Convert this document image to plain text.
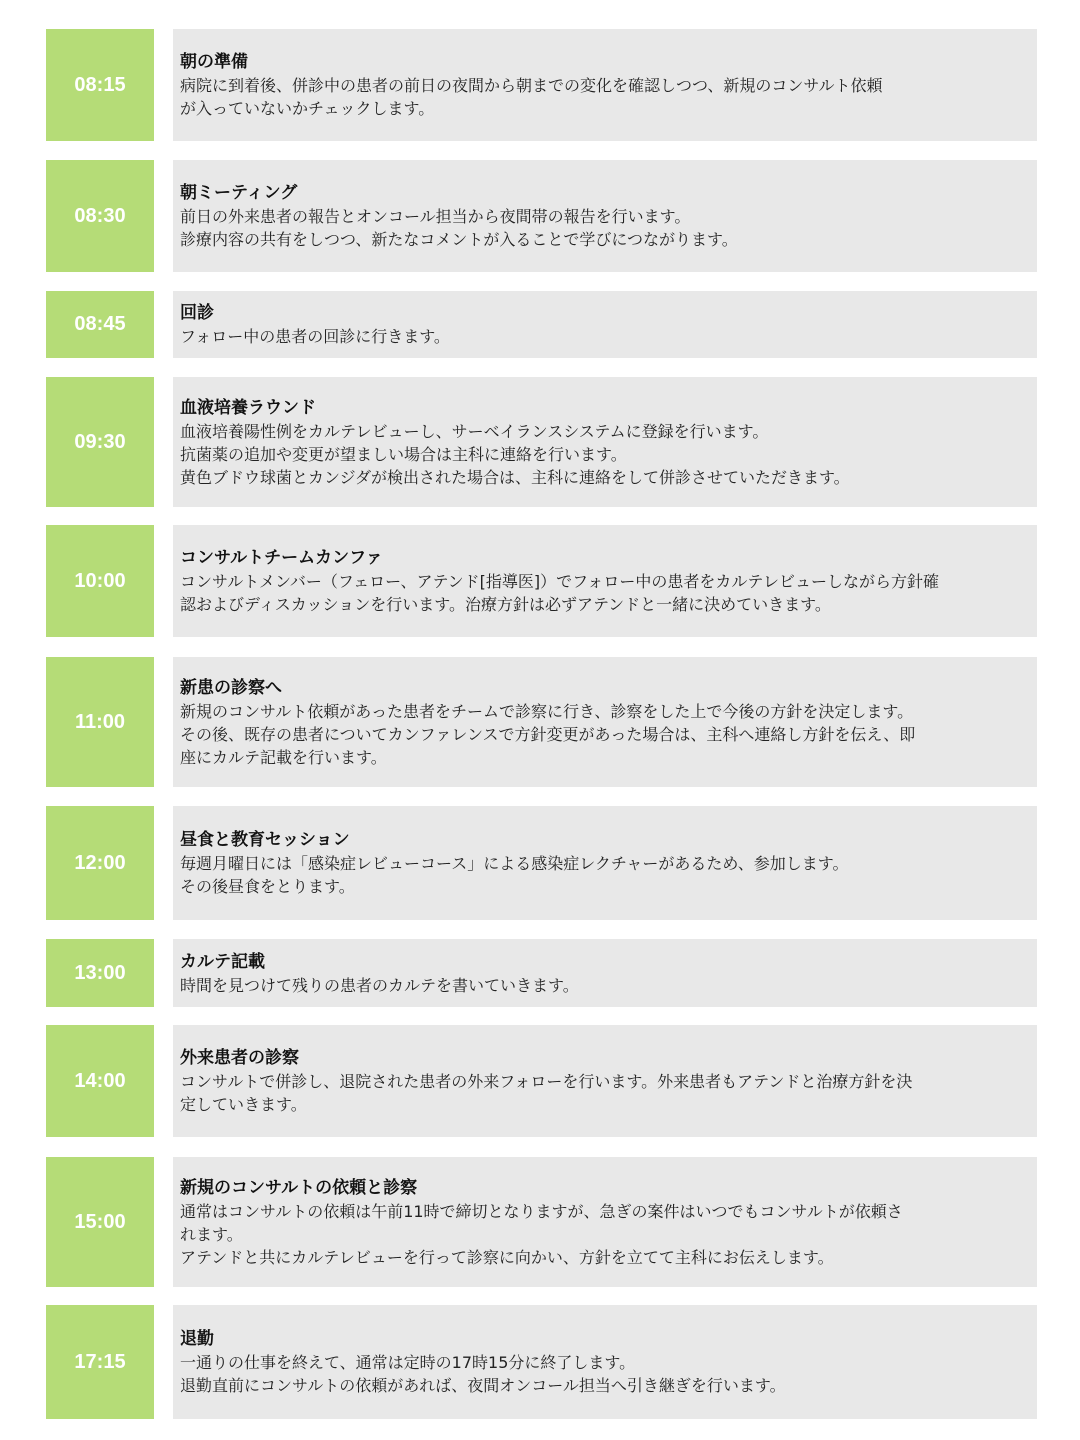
08:15
朝の準備
病院に到着後、併診中の患者の前日の夜間から朝までの変化を確認しつつ、新規のコンサルト依頼
が入っていないかチェックします。
08:30
朝ミーティング
前日の外来患者の報告とオンコール担当から夜間帯の報告を行います。
診療内容の共有をしつつ、新たなコメントが入ることで学びにつながります。
08:45	回診
フォロー中の患者の回診に行きます。
09:30
血液培養ラウンド
血液培養陽性例をカルテレビューし、サーベイランスシステムに登録を行います。
抗菌薬の追加や変更が望ましい場合は主科に連絡を行います。
黄色ブドウ球菌とカンジダが検出された場合は、主科に連絡をして併診させていただきます。
10:00
コンサルトチームカンファ
コンサルトメンバー（フェロー、アテンド[指導医]）でフォロー中の患者をカルテレビューしながら方針確
認およびディスカッションを行います。治療方針は必ずアテンドと一緒に決めていきます。
11:00
新患の診察へ
新規のコンサルト依頼があった患者をチームで診察に行き、診察をした上で今後の方針を決定します。
その後、既存の患者についてカンファレンスで方針変更があった場合は、主科へ連絡し方針を伝え、即
座にカルテ記載を行います。
12:00
昼食と教育セッション
毎週月曜日には「感染症レビューコース」による感染症レクチャーがあるため、参加します。
その後昼食をとります。
13:00	カルテ記載
時間を見つけて残りの患者のカルテを書いていきます。
14:00
外来患者の診察
コンサルトで併診し、退院された患者の外来フォローを行います。外来患者もアテンドと治療方針を決
定していきます。
15:00
新規のコンサルトの依頼と診察
通常はコンサルトの依頼は午前11時で締切となりますが、急ぎの案件はいつでもコンサルトが依頼さ
れます。
アテンドと共にカルテレビューを行って診察に向かい、方針を立てて主科にお伝えします。
17:15
退勤
一通りの仕事を終えて、通常は定時の17時15分に終了します。
退勤直前にコンサルトの依頼があれば、夜間オンコール担当へ引き継ぎを行います。
